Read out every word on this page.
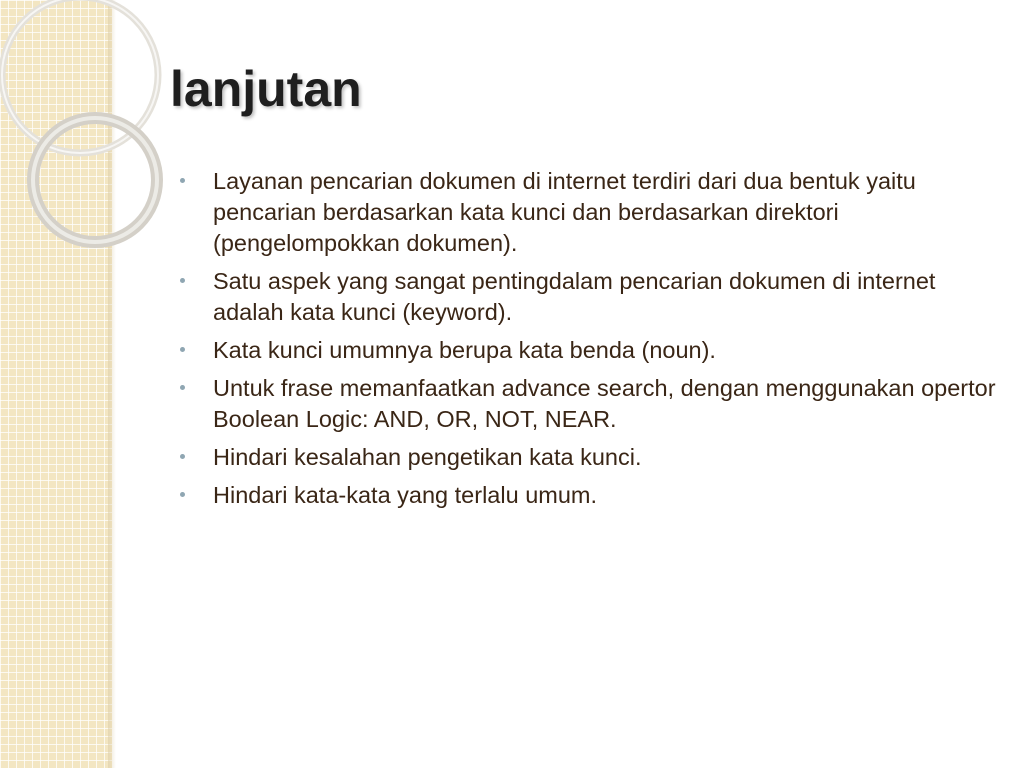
lanjutan
Layanan pencarian dokumen di internet terdiri dari dua bentuk yaitu pencarian berdasarkan kata kunci dan berdasarkan direktori (pengelompokkan dokumen).
Satu aspek yang sangat pentingdalam pencarian dokumen di internet adalah kata kunci (keyword).
Kata kunci umumnya berupa kata benda (noun).
Untuk frase memanfaatkan advance search, dengan menggunakan opertor Boolean Logic: AND, OR, NOT, NEAR.
Hindari kesalahan pengetikan kata kunci.
Hindari kata-kata yang terlalu umum.
